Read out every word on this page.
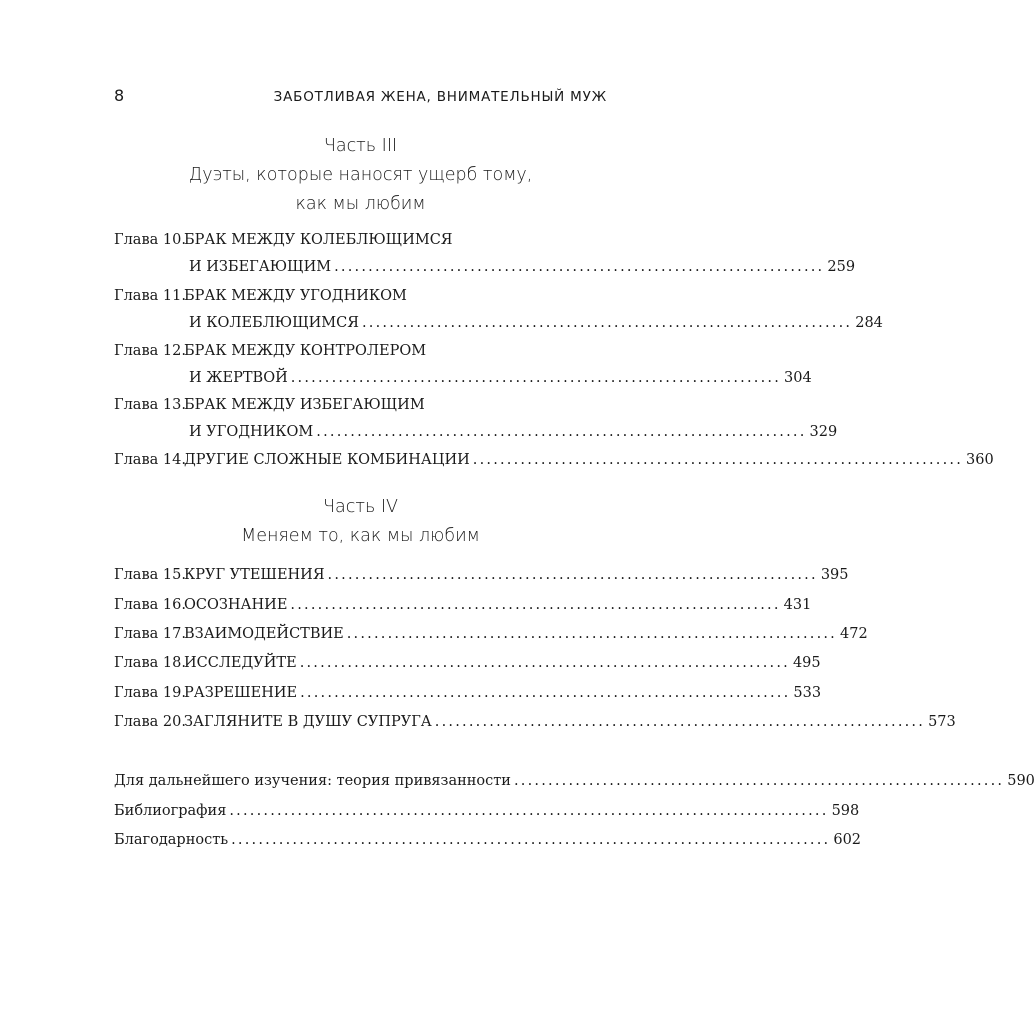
8	ЗАБОТЛИВАЯ ЖЕНА, ВНИМАТЕЛЬНЫЙ МУЖ
Часть III
Дуэты, которые наносят ущерб тому,
как мы любим
Глава 10.
БРАК МЕЖДУ КОЛЕБЛЮЩИМСЯ
И ИЗБЕГАЮЩИМ ........................................................................ 259
Глава 11.
БРАК МЕЖДУ УГОДНИКОМ
И КОЛЕБЛЮЩИМСЯ ........................................................................ 284
Глава 12.
БРАК МЕЖДУ КОНТРОЛЕРОМ
И ЖЕРТВОЙ ........................................................................ 304
Глава 13.
БРАК МЕЖДУ ИЗБЕГАЮЩИМ
И УГОДНИКОМ ........................................................................ 329
Глава 14.
ДРУГИЕ СЛОЖНЫЕ КОМБИНАЦИИ ........................................................................ 360
Часть IV
Меняем то, как мы любим
Глава 15.
КРУГ УТЕШЕНИЯ ........................................................................ 395
Глава 16.
ОСОЗНАНИЕ ........................................................................ 431
Глава 17.
ВЗАИМОДЕЙСТВИЕ ........................................................................ 472
Глава 18.
ИССЛЕДУЙТЕ ........................................................................ 495
Глава 19.
РАЗРЕШЕНИЕ ........................................................................ 533
Глава 20.
ЗАГЛЯНИТЕ В ДУШУ СУПРУГА ........................................................................ 573
Для дальнейшего изучения: теория привязанности ........................................................................ 590
Библиография ........................................................................................ 598
Благодарность ........................................................................................ 602
